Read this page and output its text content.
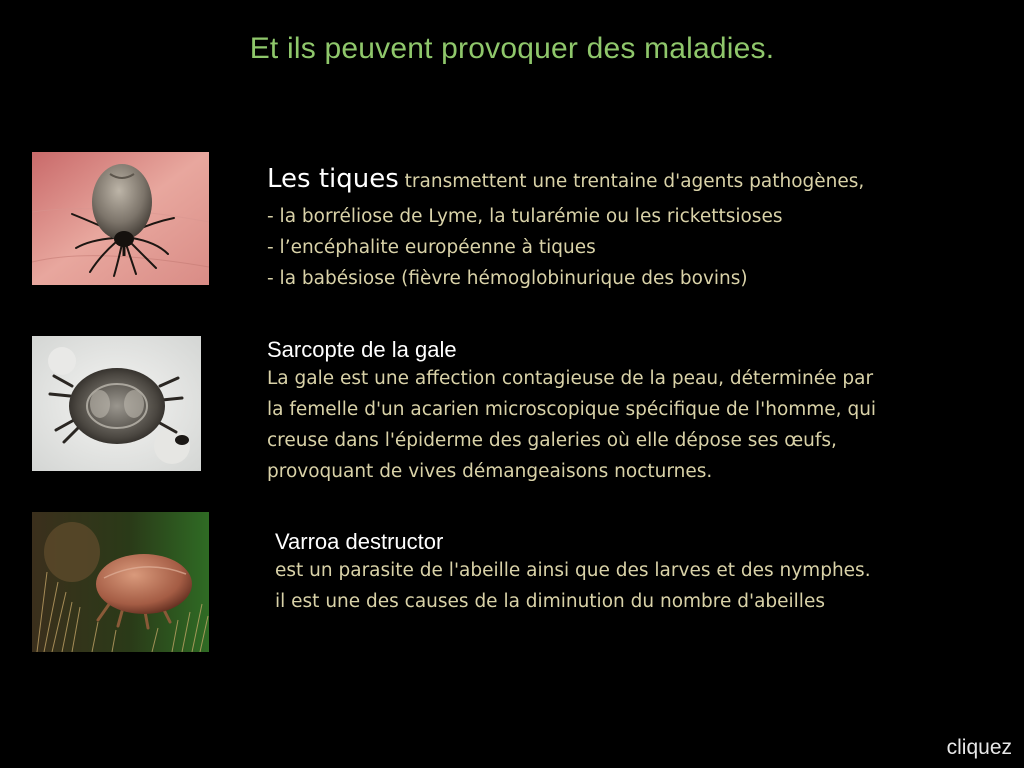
Et ils peuvent provoquer des maladies.
Les tiques transmettent une trentaine d'agents pathogènes,
- la borréliose de Lyme, la tularémie ou les rickettsioses
- l’encéphalite européenne à tiques
- la babésiose (fièvre hémoglobinurique des bovins)
Sarcopte de la gale
La gale est une affection contagieuse de la peau, déterminée par
la femelle d'un acarien microscopique spécifique de l'homme, qui
creuse dans l'épiderme des galeries où elle dépose ses œufs,
provoquant de vives démangeaisons nocturnes.
Varroa destructor
est un parasite de l'abeille ainsi que des larves et des nymphes.
il est une des causes de la diminution du nombre d'abeilles
cliquez
